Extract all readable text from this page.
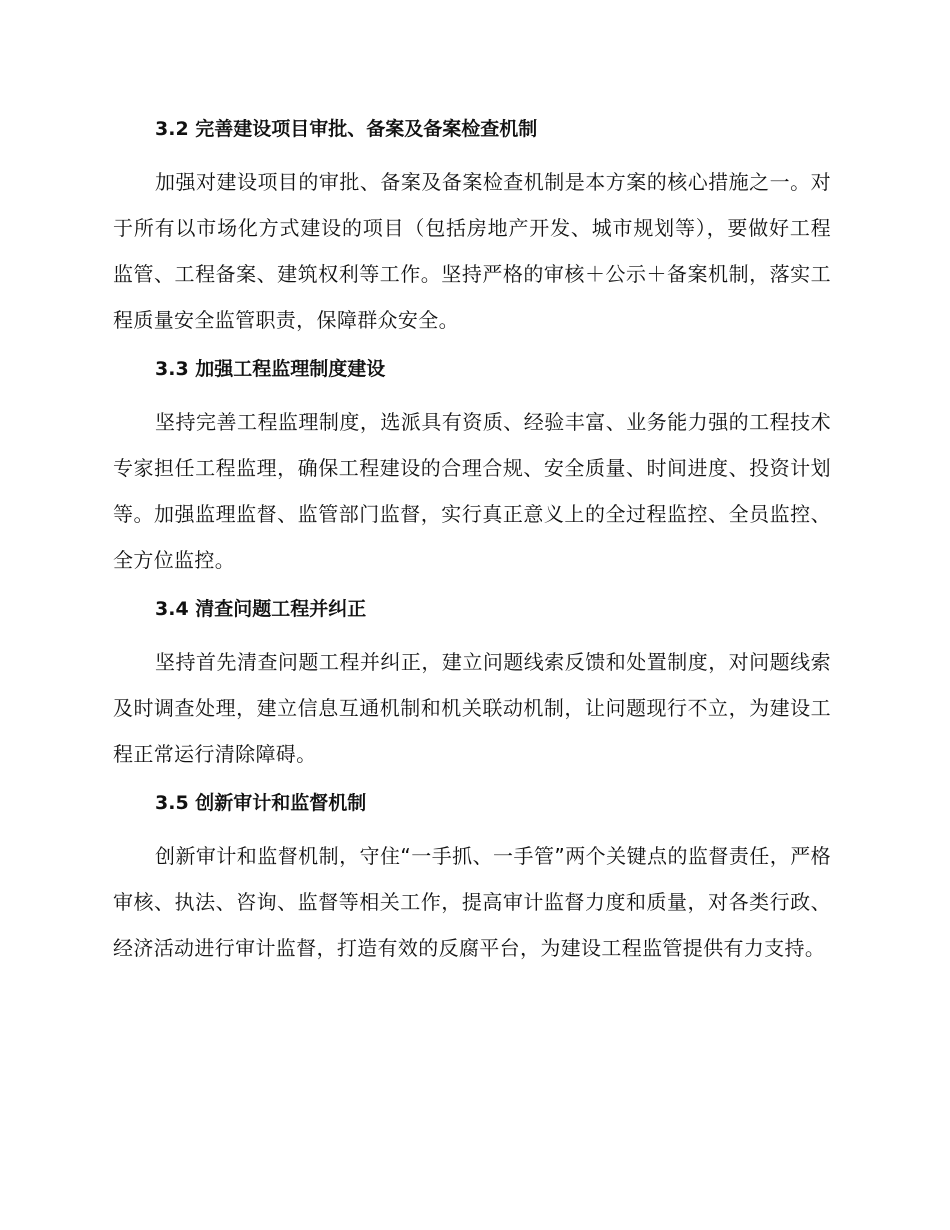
3.2 完善建设项目审批、备案及备案检查机制

加强对建设项目的审批、备案及备案检查机制是本方案的核心措施之一。对于所有以市场化方式建设的项目（包括房地产开发、城市规划等），要做好工程监管、工程备案、建筑权利等工作。坚持严格的审核＋公示＋备案机制，落实工程质量安全监管职责，保障群众安全。

3.3 加强工程监理制度建设

坚持完善工程监理制度，选派具有资质、经验丰富、业务能力强的工程技术专家担任工程监理，确保工程建设的合理合规、安全质量、时间进度、投资计划等。加强监理监督、监管部门监督，实行真正意义上的全过程监控、全员监控、全方位监控。

3.4 清查问题工程并纠正

坚持首先清查问题工程并纠正，建立问题线索反馈和处置制度，对问题线索及时调查处理，建立信息互通机制和机关联动机制，让问题现行不立，为建设工程正常运行清除障碍。

3.5 创新审计和监督机制

创新审计和监督机制，守住“一手抓、一手管”两个关键点的监督责任，严格审核、执法、咨询、监督等相关工作，提高审计监督力度和质量，对各类行政、经济活动进行审计监督，打造有效的反腐平台，为建设工程监管提供有力支持。
